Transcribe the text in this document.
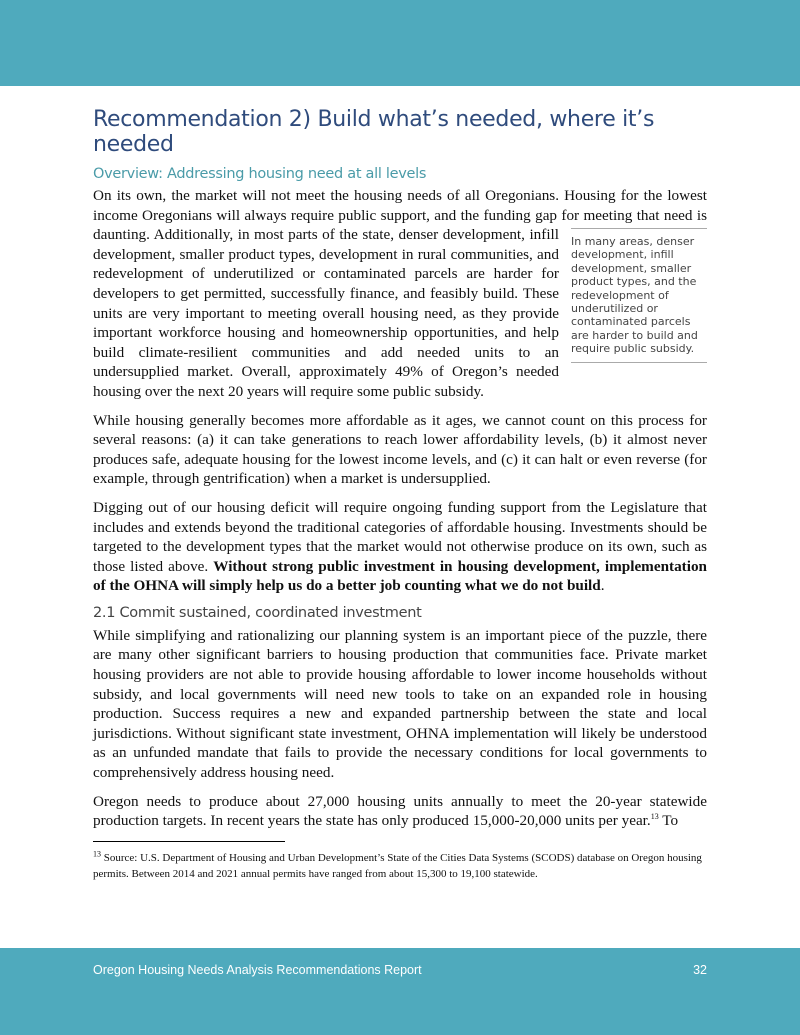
Recommendation 2) Build what’s needed, where it’s needed
Overview: Addressing housing need at all levels

In many areas, denser development, infill development, smaller product types, and the redevelopment of underutilized or contaminated parcels are harder to build and require public subsidy.
On its own, the market will not meet the housing needs of all Oregonians. Housing for the lowest income Oregonians will always require public support, and the funding gap for meeting that need is daunting. Additionally, in most parts of the state, denser development, infill development, smaller product types, development in rural communities, and redevelopment of underutilized or contaminated parcels are harder for developers to get permitted, successfully finance, and feasibly build. These units are very important to meeting overall housing need, as they provide important workforce housing and homeownership opportunities, and help build climate-resilient communities and add needed units to an undersupplied market. Overall, approximately 49% of Oregon’s needed housing over the next 20 years will require some public subsidy.

While housing generally becomes more affordable as it ages, we cannot count on this process for several reasons: (a) it can take generations to reach lower affordability levels, (b) it almost never produces safe, adequate housing for the lowest income levels, and (c) it can halt or even reverse (for example, through gentrification) when a market is undersupplied.

Digging out of our housing deficit will require ongoing funding support from the Legislature that includes and extends beyond the traditional categories of affordable housing. Investments should be targeted to the development types that the market would not otherwise produce on its own, such as those listed above. Without strong public investment in housing development, implementation of the OHNA will simply help us do a better job counting what we do not build.

2.1 Commit sustained, coordinated investment

While simplifying and rationalizing our planning system is an important piece of the puzzle, there are many other significant barriers to housing production that communities face. Private market housing providers are not able to provide housing affordable to lower income households without subsidy, and local governments will need new tools to take on an expanded role in housing production. Success requires a new and expanded partnership between the state and local jurisdictions. Without significant state investment, OHNA implementation will likely be understood as an unfunded mandate that fails to provide the necessary conditions for local governments to comprehensively address housing need.

Oregon needs to produce about 27,000 housing units annually to meet the 20-year statewide production targets. In recent years the state has only produced 15,000-20,000 units per year.$^{13}$ To

$^{13}$ Source: U.S. Department of Housing and Urban Development’s State of the Cities Data Systems (SCODS) database on Oregon housing permits. Between 2014 and 2021 annual permits have ranged from about 15,300 to 19,100 statewide.
Oregon Housing Needs Analysis Recommendations Report	32
